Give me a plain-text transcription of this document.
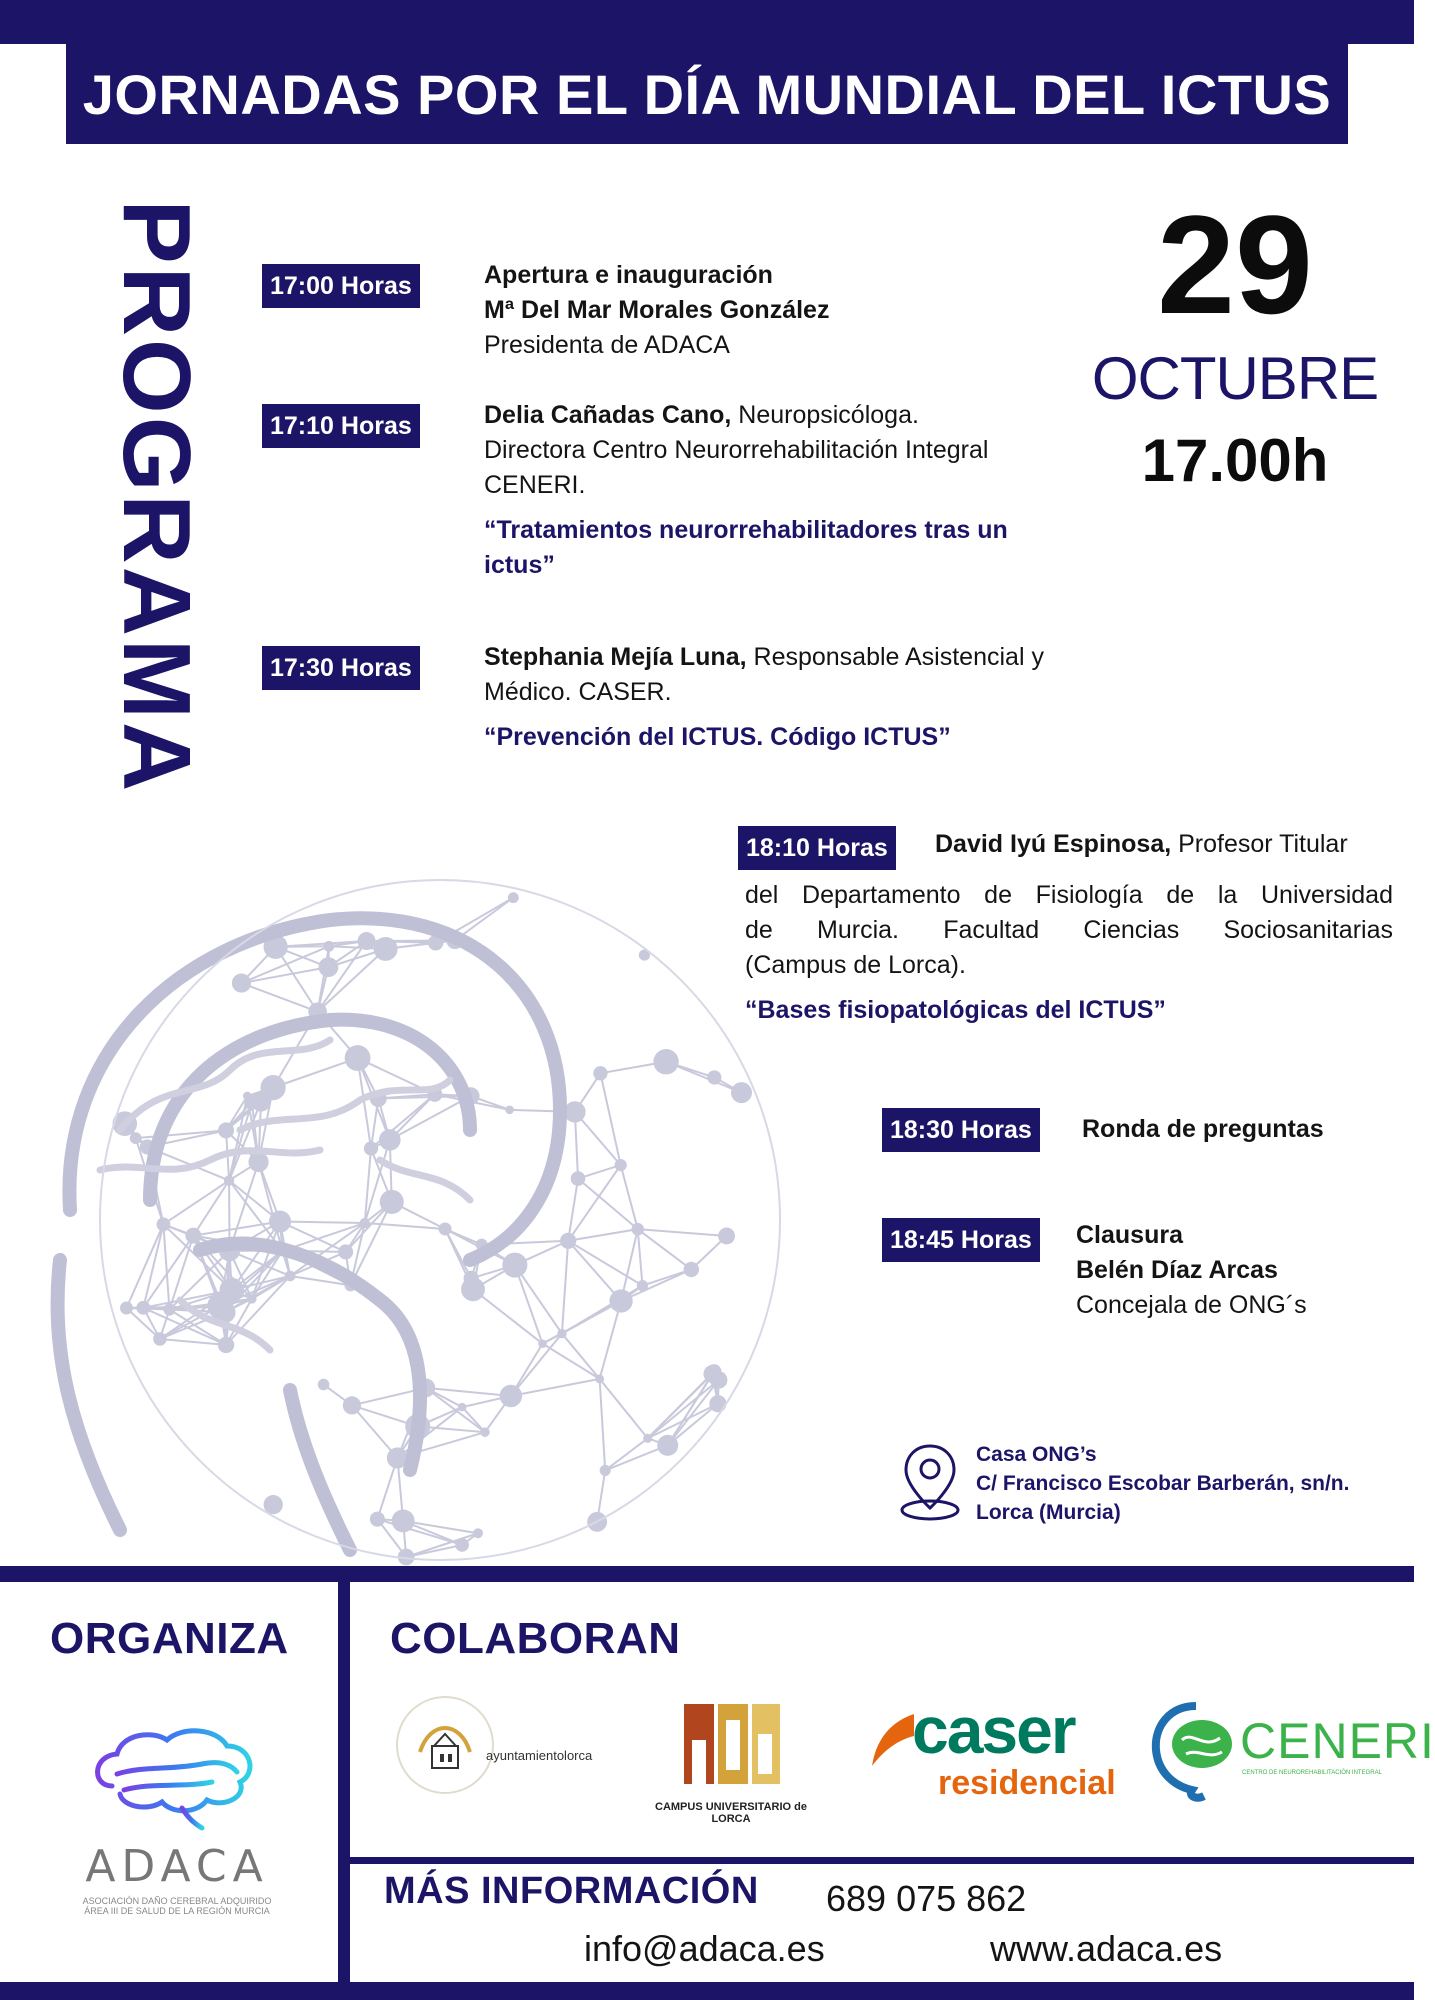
JORNADAS POR EL DÍA MUNDIAL DEL ICTUS
PROGRAMA	29
OCTUBRE
17.00h
17:00 Horas	Apertura e inauguración
Mª Del Mar Morales González
Presidenta de ADACA
17:10 Horas	Delia Cañadas Cano, Neuropsicóloga.
Directora Centro Neurorrehabilitación Integral
CENERI.
“Tratamientos neurorrehabilitadores tras un ictus”
17:30 Horas	Stephania Mejía Luna, Responsable Asistencial y
Médico. CASER.
“Prevención del ICTUS. Código ICTUS”
18:10 Horas	David Iyú Espinosa, Profesor Titular
del Departamento de Fisiología de la Universidad
de Murcia. Facultad Ciencias Sociosanitarias
(Campus de Lorca).
“Bases fisiopatológicas del ICTUS”
18:30 Horas	Ronda de preguntas
18:45 Horas	Clausura
Belén Díaz Arcas
Concejala de ONG´s
Casa ONG’s
C/ Francisco Escobar Barberán, sn/n.
Lorca (Murcia)
ORGANIZA COLABORAN
MÁS INFORMACIÓN 689 075 862
info@adaca.es	www.adaca.es
ADACA
ASOCIACIÓN DAÑO CEREBRAL ADQUIRIDO
ÁREA III DE SALUD DE LA REGIÓN MURCIA
ayuntamientolorca
CAMPUS UNIVERSITARIO de LORCA
caser
residencial
CENERI
CENTRO DE NEUROREHABILITACIÓN INTEGRAL
